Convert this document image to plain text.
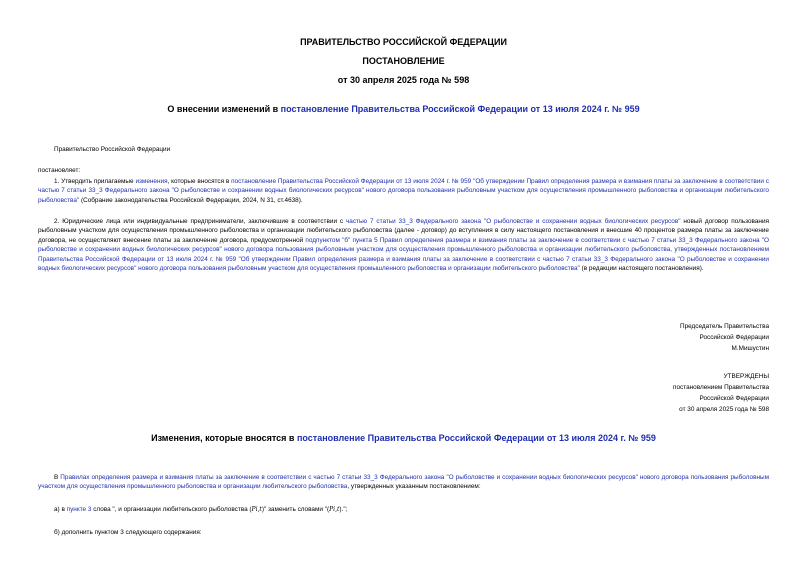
ПРАВИТЕЛЬСТВО РОССИЙСКОЙ ФЕДЕРАЦИИ
ПОСТАНОВЛЕНИЕ
от 30 апреля 2025 года № 598
О внесении изменений в постановление Правительства Российской Федерации от 13 июля 2024 г. № 959
Правительство Российской Федерации
постановляет:
1. Утвердить прилагаемые изменения, которые вносятся в постановление Правительства Российской Федерации от 13 июля 2024 г. № 959 "Об утверждении Правил определения размера и взимания платы за заключение в соответствии с частью 7 статьи 33_3 Федерального закона "О рыболовстве и сохранении водных биологических ресурсов" нового договора пользования рыболовным участком для осуществления промышленного рыболовства и организации любительского рыболовства" (Собрание законодательства Российской Федерации, 2024, N 31, ст.4638).
2. Юридические лица или индивидуальные предприниматели, заключившие в соответствии с частью 7 статьи 33_3 Федерального закона "О рыболовстве и сохранении водных биологических ресурсов" новый договор пользования рыболовным участком для осуществления промышленного рыболовства и организации любительского рыболовства (далее - договор) до вступления в силу настоящего постановления и внесшие 40 процентов размера платы за заключение договора, не осуществляют внесение платы за заключение договора, предусмотренной подпунктом "б" пункта 5 Правил определения размера и взимания платы за заключение в соответствии с частью 7 статьи 33_3 Федерального закона "О рыболовстве и сохранении водных биологических ресурсов" нового договора пользования рыболовным участком для осуществления промышленного рыболовства и организации любительского рыболовства, утвержденных постановлением Правительства Российской Федерации от 13 июля 2024 г. № 959 "Об утверждении Правил определения размера и взимания платы за заключение в соответствии с частью 7 статьи 33_3 Федерального закона "О рыболовстве и сохранении водных биологических ресурсов" нового договора пользования рыболовным участком для осуществления промышленного рыболовства и организации любительского рыболовства" (в редакции настоящего постановления).
Председатель Правительства
Российской Федерации
М.Мишустин
УТВЕРЖДЕНЫ
постановлением Правительства
Российской Федерации
от 30 апреля 2025 года № 598
Изменения, которые вносятся в постановление Правительства Российской Федерации от 13 июля 2024 г. № 959
В Правилах определения размера и взимания платы за заключение в соответствии с частью 7 статьи 33_3 Федерального закона "О рыболовстве и сохранении водных биологических ресурсов" нового договора пользования рыболовным участком для осуществления промышленного рыболовства и организации любительского рыболовства, утвержденных указанным постановлением:
а) в пункте 3 слова ", и организации любительского рыболовства (Pi,t)" заменить словами "(Pi,t).";
б) дополнить пунктом 3 следующего содержания:
